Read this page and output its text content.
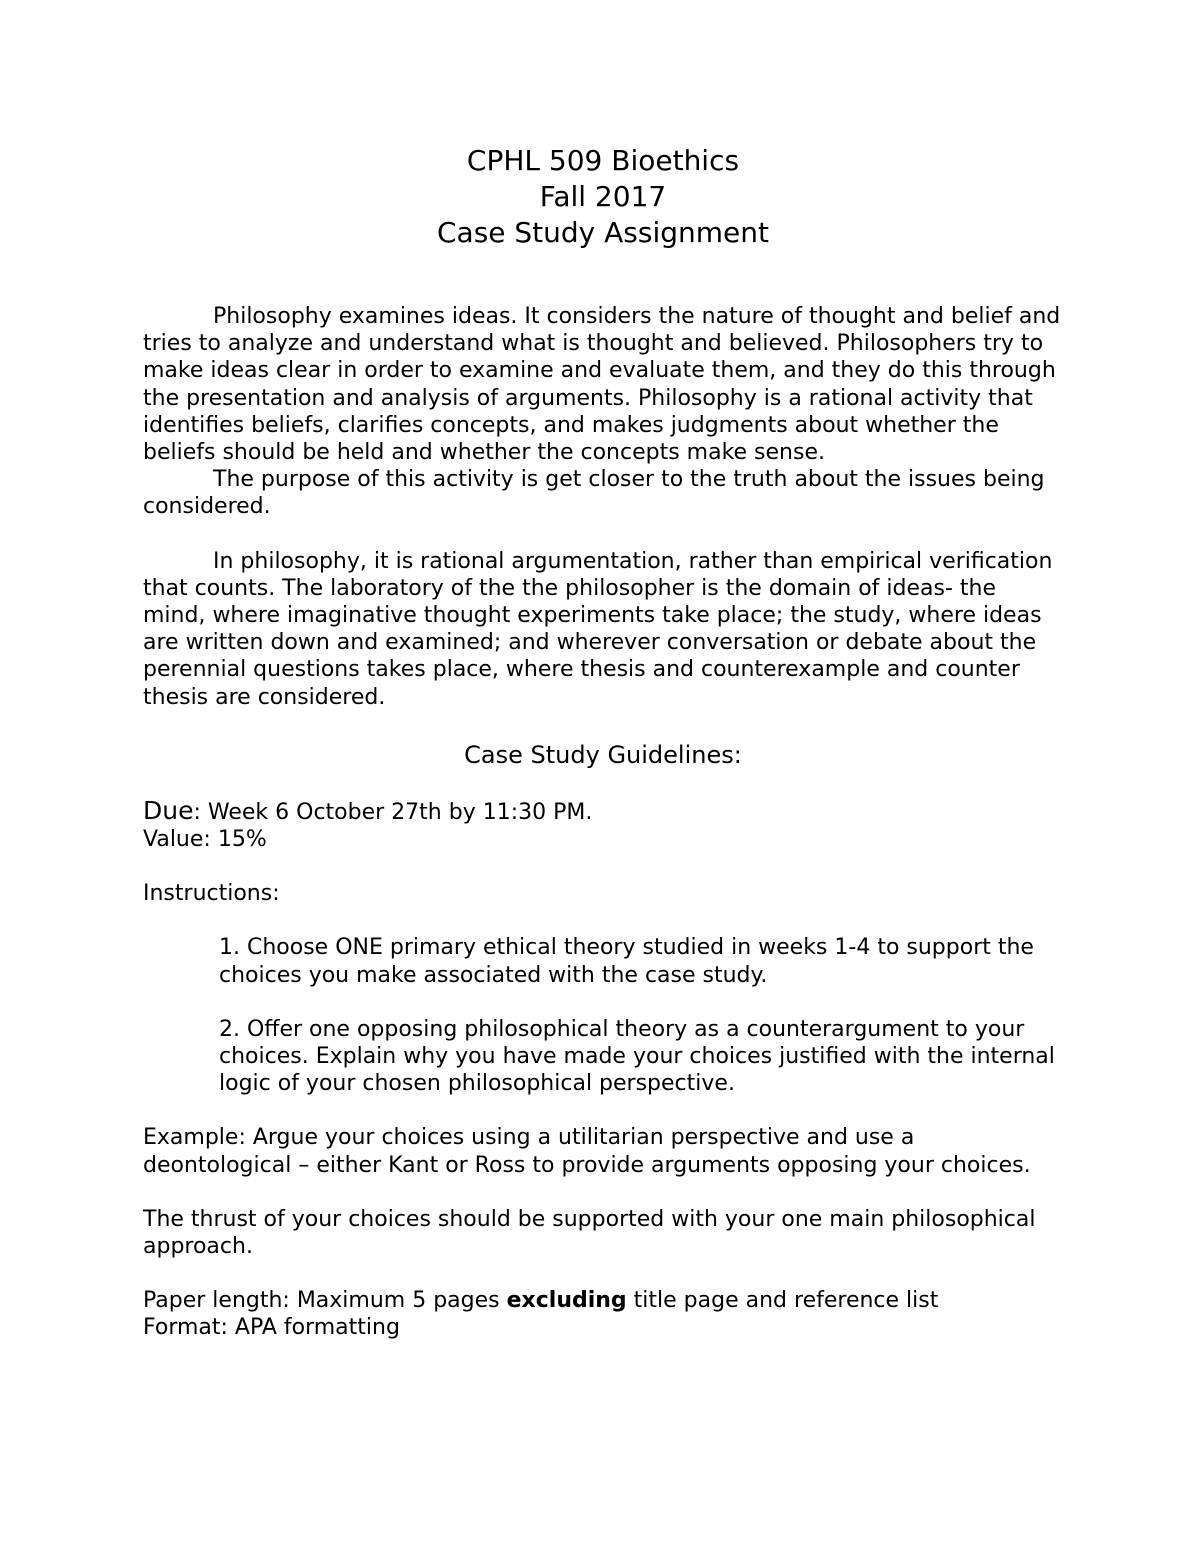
CPHL 509 Bioethics
Fall 2017
Case Study Assignment

Philosophy examines ideas. It considers the nature of thought and belief and tries to analyze and understand what is thought and believed. Philosophers try to make ideas clear in order to examine and evaluate them, and they do this through the presentation and analysis of arguments. Philosophy is a rational activity that identifies beliefs, clarifies concepts, and makes judgments about whether the beliefs should be held and whether the concepts make sense.

The purpose of this activity is get closer to the truth about the issues being considered.

In philosophy, it is rational argumentation, rather than empirical verification that counts. The laboratory of the the philosopher is the domain of ideas- the mind, where imaginative thought experiments take place; the study, where ideas are written down and examined; and wherever conversation or debate about the perennial questions takes place, where thesis and counterexample and counter thesis are considered.

Case Study Guidelines:

Due: Week 6 October 27th by 11:30 PM.

Value: 15%

Instructions:

1. Choose ONE primary ethical theory studied in weeks 1-4 to support the choices you make associated with the case study.

2. Offer one opposing philosophical theory as a counterargument to your choices. Explain why you have made your choices justified with the internal logic of your chosen philosophical perspective.

Example: Argue your choices using a utilitarian perspective and use a deontological – either Kant or Ross to provide arguments opposing your choices.

The thrust of your choices should be supported with your one main philosophical approach.

Paper length: Maximum 5 pages excluding title page and reference list

Format: APA formatting
